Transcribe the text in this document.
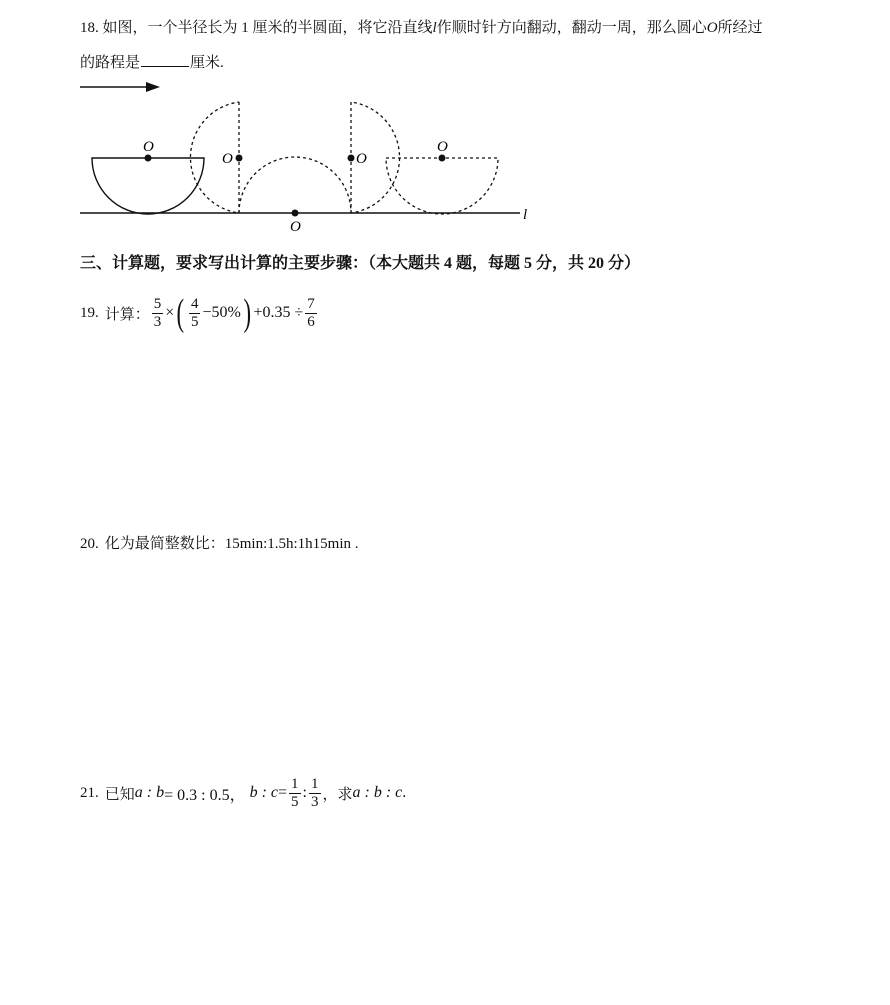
18. 如图，一个半径长为 1 厘米的半圆面，将它沿直线l作顺时针方向翻动，翻动一周，那么圆心O所经过
的路程是	厘米.
l
O
O
O
O
O
三、计算题，要求写出计算的主要步骤：（本大题共 4 题，每题 5 分，共 20 分）
19. 计算： $\frac{5}{3}$ × ( $\frac{4}{5} -50\%$ ) $+0.35 \div \frac{7}{6}$
20. 化为最简整数比：15min:1.5h:1h15min .
21. 已知 a : b = 0.3 : 0.5， b : $c = \frac{1}{5}$ : $\frac{1}{3}$ ，求 a : b : c .
